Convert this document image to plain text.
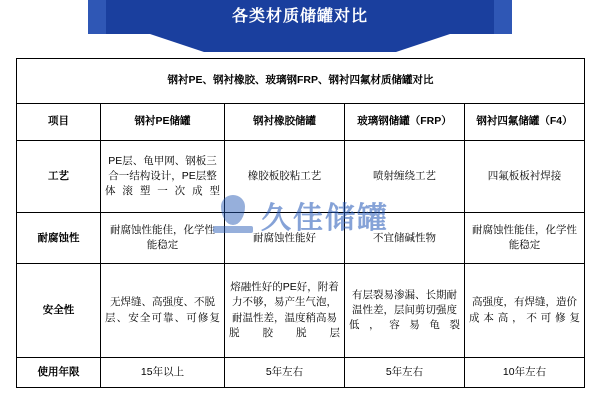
各类材质储罐对比
钢衬PE、钢衬橡胶、玻璃钢FRP、钢衬四氟材质储罐对比				
项目	钢衬PE储罐	钢衬橡胶储罐	玻璃钢储罐（FRP）	钢衬四氟储罐（F4）
工艺	PE层、龟甲网、钢板三合一结构设计，PE层整体滚塑一次成型	橡胶板胶粘工艺	喷射缠绕工艺	四氟板板衬焊接
耐腐蚀性	耐腐蚀性能佳，化学性能稳定	耐腐蚀性能好	不宜储碱性物	耐腐蚀性能佳，化学性能稳定
安全性	无焊缝、高强度、不脱层、安全可靠、可修复	熔融性好的PE好，附着力不够，易产生气泡，耐温性差，温度稍高易脱胶脱层	有层裂易渗漏、长期耐温性差，层间剪切强度低，容易龟裂	高强度，有焊缝，造价成本高，不可修复
使用年限	15年以上	5年左右	5年左右	10年左右
久佳储罐
